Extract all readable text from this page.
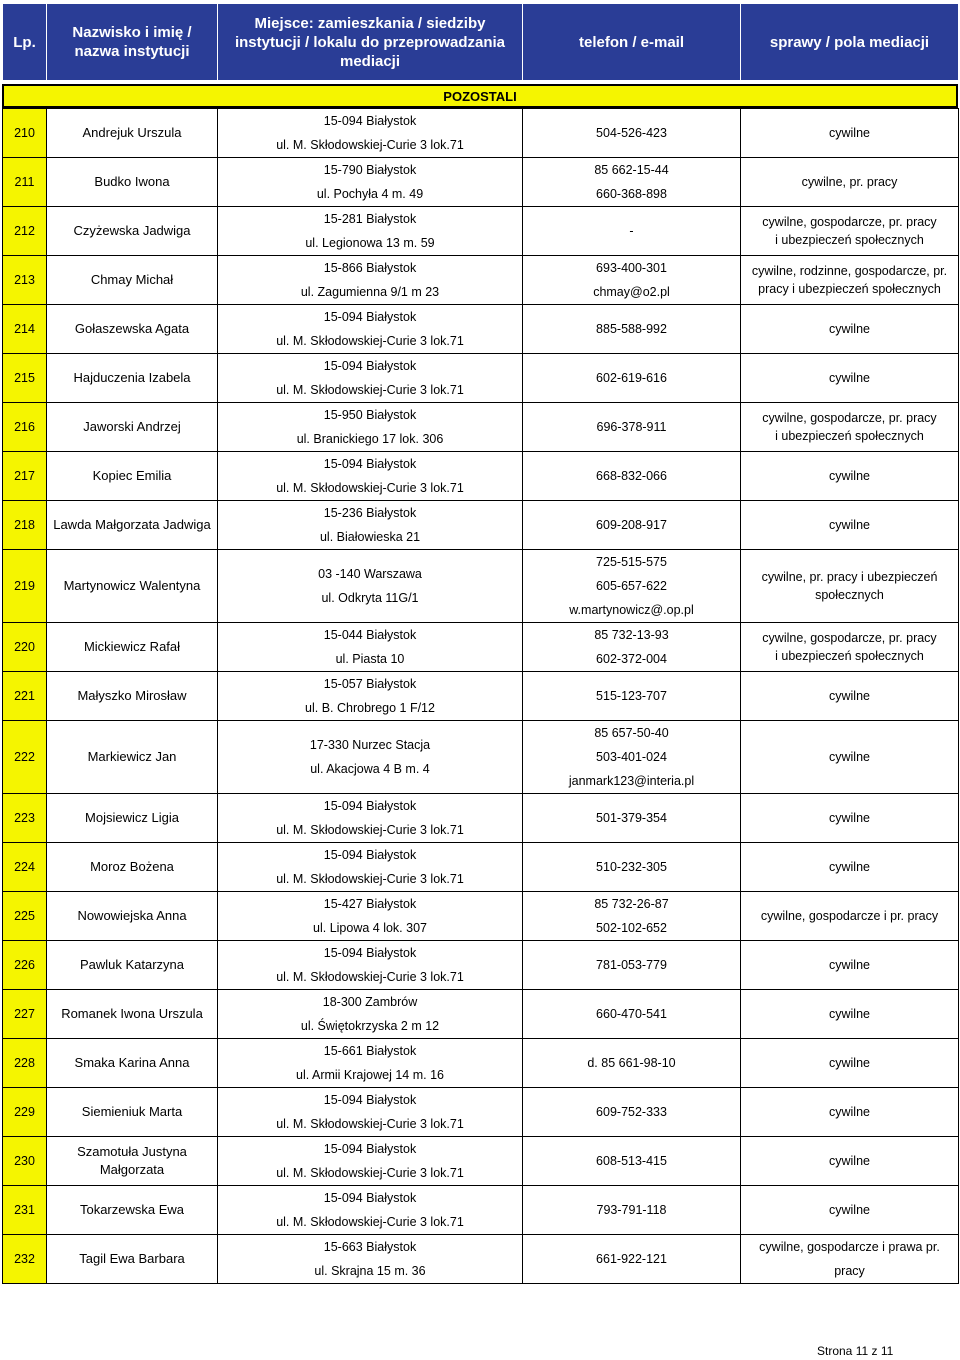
Lp.	Nazwisko i imię / nazwa instytucji	Miejsce: zamieszkania / siedziby instytucji / lokalu do przeprowadzania mediacji	telefon / e-mail	sprawy / pola mediacji
POZOSTALI
210	Andrejuk Urszula	15-094 Białystok
ul. M. Skłodowskiej-Curie 3 lok.71	504-526-423	cywilne

211	Budko Iwona	15-790 Białystok
ul. Pochyła 4 m. 49	85 662-15-44
660-368-898	cywilne, pr. pracy

212	Czyżewska Jadwiga	15-281 Białystok
ul. Legionowa 13 m. 59	-	cywilne, gospodarcze, pr. pracy
i ubezpieczeń społecznych

213	Chmay Michał	15-866 Białystok
ul. Zagumienna 9/1 m 23	693-400-301
chmay@o2.pl	cywilne, rodzinne, gospodarcze, pr.
pracy i ubezpieczeń społecznych

214	Gołaszewska Agata	15-094 Białystok
ul. M. Skłodowskiej-Curie 3 lok.71	885-588-992	cywilne

215	Hajduczenia Izabela	15-094 Białystok
ul. M. Skłodowskiej-Curie 3 lok.71	602-619-616	cywilne

216	Jaworski Andrzej	15-950 Białystok
ul. Branickiego 17 lok. 306	696-378-911	cywilne, gospodarcze, pr. pracy
i ubezpieczeń społecznych

217	Kopiec Emilia	15-094 Białystok
ul. M. Skłodowskiej-Curie 3 lok.71	668-832-066	cywilne

218	Lawda Małgorzata Jadwiga	15-236 Białystok
ul. Białowieska 21	609-208-917	cywilne

219	Martynowicz Walentyna	03 -140 Warszawa
ul. Odkryta 11G/1	725-515-575
605-657-622
w.martynowicz@.op.pl	cywilne, pr. pracy i ubezpieczeń
społecznych

220	Mickiewicz Rafał	15-044 Białystok
ul. Piasta 10	85 732-13-93
602-372-004	cywilne, gospodarcze, pr. pracy
i ubezpieczeń społecznych

221	Małyszko Mirosław	15-057 Białystok
ul. B. Chrobrego 1 F/12	515-123-707	cywilne

222	Markiewicz Jan	17-330 Nurzec Stacja
ul. Akacjowa 4 B m. 4	85 657-50-40
503-401-024
janmark123@interia.pl	cywilne

223	Mojsiewicz Ligia	15-094 Białystok
ul. M. Skłodowskiej-Curie 3 lok.71	501-379-354	cywilne

224	Moroz Bożena	15-094 Białystok
ul. M. Skłodowskiej-Curie 3 lok.71	510-232-305	cywilne

225	Nowowiejska Anna	15-427 Białystok
ul. Lipowa 4 lok. 307	85 732-26-87
502-102-652	cywilne, gospodarcze i pr. pracy

226	Pawluk Katarzyna	15-094 Białystok
ul. M. Skłodowskiej-Curie 3 lok.71	781-053-779	cywilne

227	Romanek Iwona Urszula	18-300 Zambrów
ul. Świętokrzyska 2 m 12	660-470-541	cywilne

228	Smaka Karina Anna	15-661 Białystok
ul. Armii Krajowej 14 m. 16	d. 85 661-98-10	cywilne

229	Siemieniuk Marta	15-094 Białystok
ul. M. Skłodowskiej-Curie 3 lok.71	609-752-333	cywilne

230	Szamotuła Justyna Małgorzata	15-094 Białystok
ul. M. Skłodowskiej-Curie 3 lok.71	608-513-415	cywilne

231	Tokarzewska Ewa	15-094 Białystok
ul. M. Skłodowskiej-Curie 3 lok.71	793-791-118	cywilne

232	Tagil Ewa Barbara	15-663 Białystok
ul. Skrajna 15 m. 36	661-922-121	cywilne, gospodarcze i prawa pr. pracy
Strona 11 z 11
